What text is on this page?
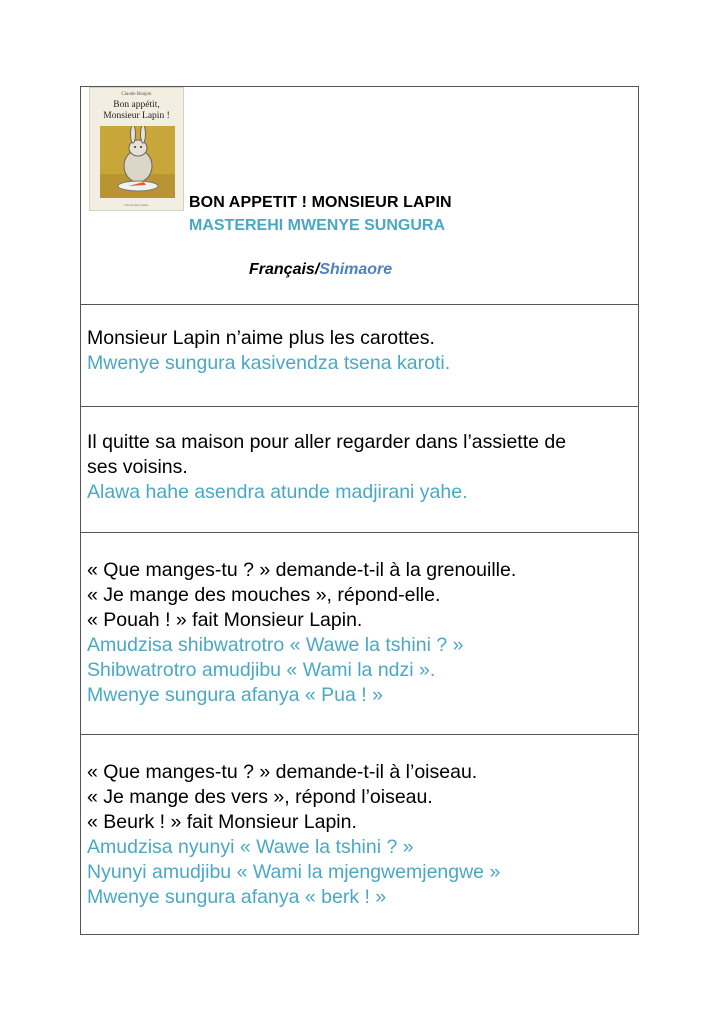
Claude Boujon
Bon appétit,
Monsieur Lapin !
l'école des loisirs	BON APPETIT ! MONSIEUR LAPIN
MASTEREHI MWENYE SUNGURA
Français/Shimaore
Monsieur Lapin n’aime plus les carottes.
Mwenye sungura kasivendza tsena karoti.
Il quitte sa maison pour aller regarder dans l’assiette de
ses voisins.
Alawa hahe asendra atunde madjirani yahe.
« Que manges-tu ? » demande-t-il à la grenouille.
« Je mange des mouches », répond-elle.
« Pouah ! » fait Monsieur Lapin.
Amudzisa shibwatrotro « Wawe la tshini ? »
Shibwatrotro amudjibu « Wami la ndzi ».
Mwenye sungura afanya « Pua ! »
« Que manges-tu ? » demande-t-il à l’oiseau.
« Je mange des vers », répond l’oiseau.
« Beurk ! » fait Monsieur Lapin.
Amudzisa nyunyi « Wawe la tshini ? »
Nyunyi amudjibu « Wami la mjengwemjengwe »
Mwenye sungura afanya « berk ! »
